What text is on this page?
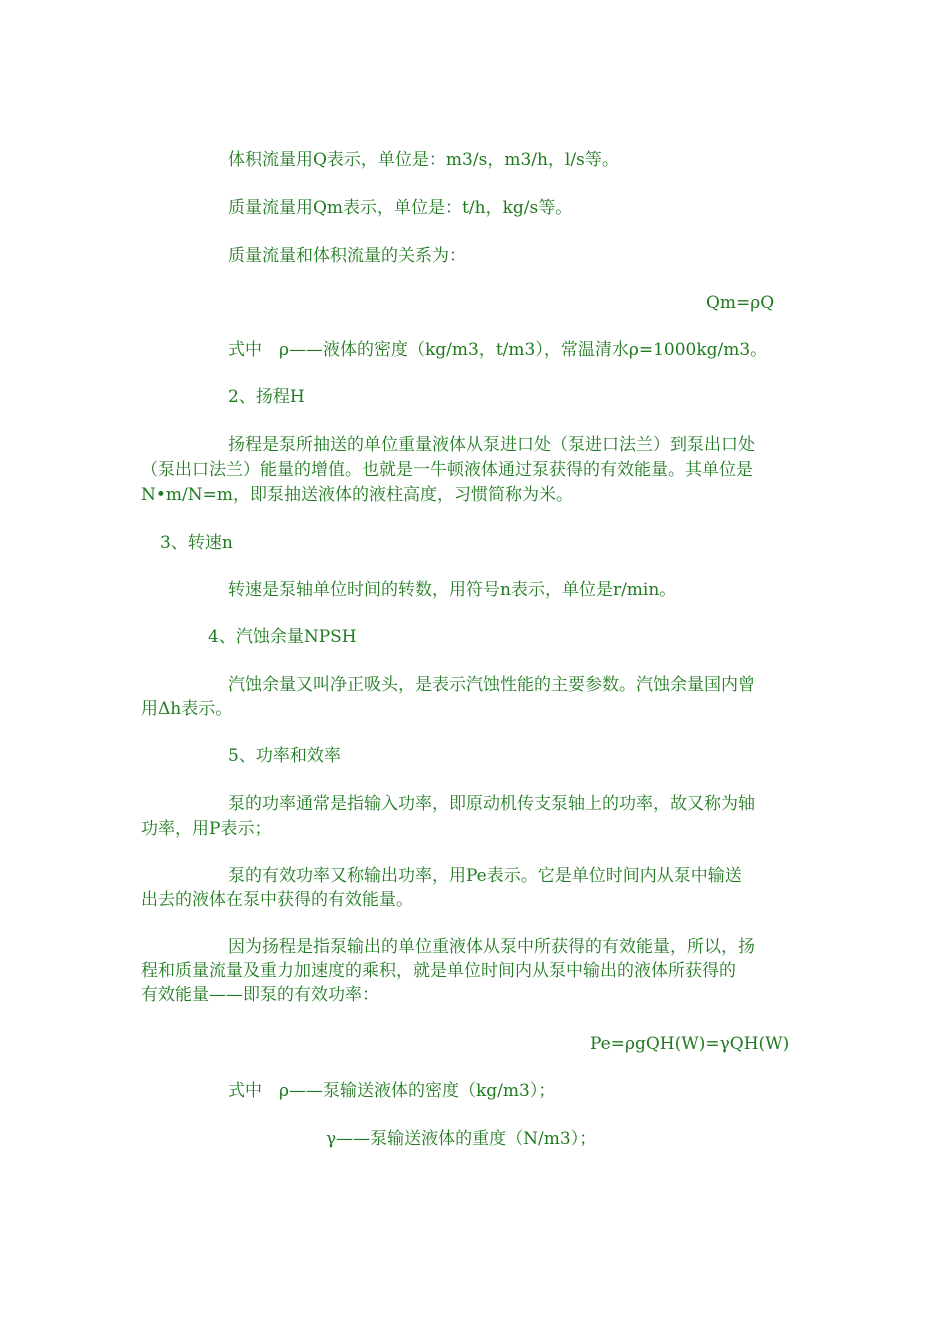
体积流量用Q表示，单位是：m3/s，m3/h，l/s等。
质量流量用Qm表示，单位是：t/h，kg/s等。
质量流量和体积流量的关系为：
Qm=ρQ
式中　ρ——液体的密度（kg/m3，t/m3），常温清水ρ=1000kg/m3。
2、扬程H
扬程是泵所抽送的单位重量液体从泵进口处（泵进口法兰）到泵出口处
（泵出口法兰）能量的增值。也就是一牛顿液体通过泵获得的有效能量。其单位是
N•m/N=m，即泵抽送液体的液柱高度，习惯简称为米。
3、转速n
转速是泵轴单位时间的转数，用符号n表示，单位是r/min。
4、汽蚀余量NPSH
汽蚀余量又叫净正吸头，是表示汽蚀性能的主要参数。汽蚀余量国内曾
用Δh表示。
5、功率和效率
泵的功率通常是指输入功率，即原动机传支泵轴上的功率，故又称为轴
功率，用P表示；
泵的有效功率又称输出功率，用Pe表示。它是单位时间内从泵中输送
出去的液体在泵中获得的有效能量。
因为扬程是指泵输出的单位重液体从泵中所获得的有效能量，所以，扬
程和质量流量及重力加速度的乘积，就是单位时间内从泵中输出的液体所获得的
有效能量——即泵的有效功率：
Pe=ρgQH(W)=γQH(W)
式中　ρ——泵输送液体的密度（kg/m3）；
γ——泵输送液体的重度（N/m3）；
